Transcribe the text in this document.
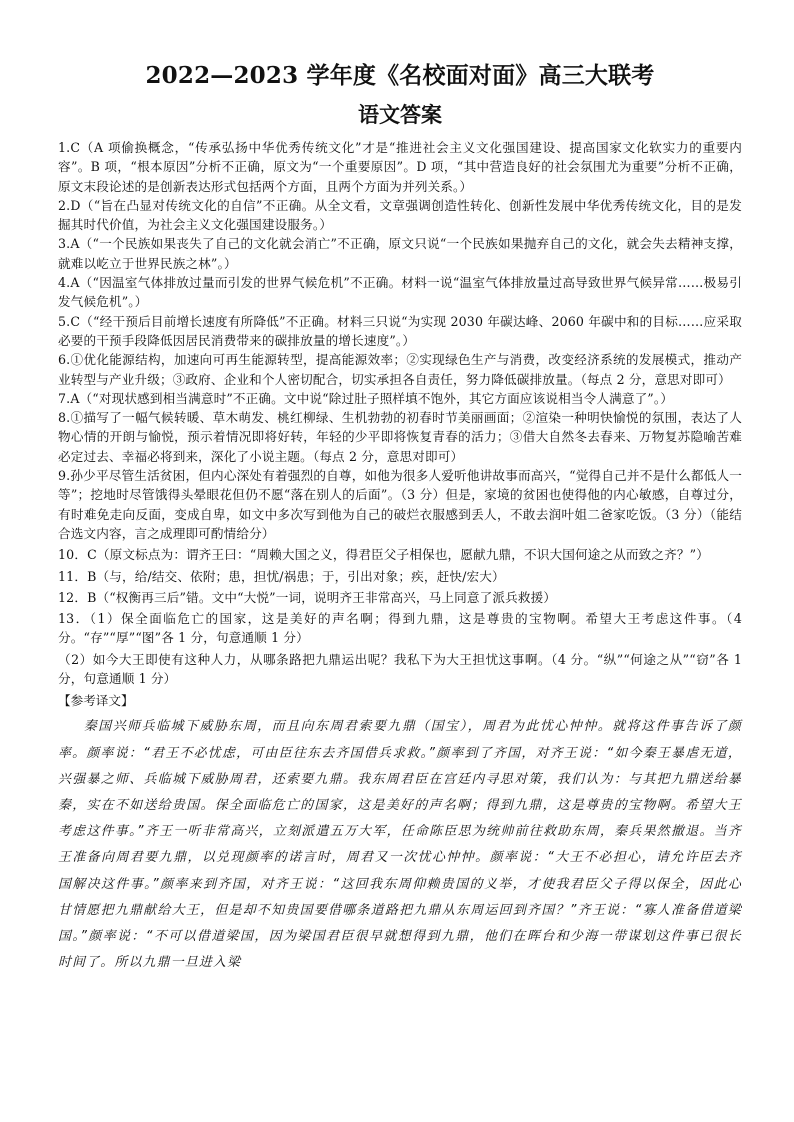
2022—2023 学年度《名校面对面》高三大联考
语文答案

1.C（A 项偷换概念，“传承弘扬中华优秀传统文化”才是“推进社会主义文化强国建设、提高国家文化软实力的重要内容”。B 项，“根本原因”分析不正确，原文为“一个重要原因”。D 项，“其中营造良好的社会氛围尤为重要”分析不正确，原文末段论述的是创新表达形式包括两个方面，且两个方面为并列关系。）

2.D（“旨在凸显对传统文化的自信”不正确。从全文看，文章强调创造性转化、创新性发展中华优秀传统文化，目的是发掘其时代价值，为社会主义文化强国建设服务。）

3.A（“一个民族如果丧失了自己的文化就会消亡”不正确，原文只说“一个民族如果抛弃自己的文化，就会失去精神支撑，就难以屹立于世界民族之林”。）

4.A（“因温室气体排放过量而引发的世界气候危机”不正确。材料一说“温室气体排放量过高导致世界气候异常……极易引发气候危机”。）

5.C（“经干预后目前增长速度有所降低”不正确。材料三只说“为实现 2030 年碳达峰、2060 年碳中和的目标……应采取必要的干预手段降低因居民消费带来的碳排放量的增长速度”。）

6.①优化能源结构，加速向可再生能源转型，提高能源效率；②实现绿色生产与消费，改变经济系统的发展模式，推动产业转型与产业升级；③政府、企业和个人密切配合，切实承担各自责任，努力降低碳排放量。（每点 2 分，意思对即可）

7.A（“对现状感到相当满意时”不正确。文中说“除过肚子照样填不饱外，其它方面应该说相当令人满意了”。）

8.①描写了一幅气候转暖、草木萌发、桃红柳绿、生机勃勃的初春时节美丽画面；②渲染一种明快愉悦的氛围，表达了人物心情的开朗与愉悦，预示着情况即将好转，年轻的少平即将恢复青春的活力；③借大自然冬去春来、万物复苏隐喻苦难必定过去、幸福必将到来，深化了小说主题。（每点 2 分，意思对即可）

9.孙少平尽管生活贫困，但内心深处有着强烈的自尊，如他为很多人爱听他讲故事而高兴，“觉得自己并不是什么都低人一等”；挖地时尽管饿得头晕眼花但仍不愿“落在别人的后面”。（3 分）但是，家境的贫困也使得他的内心敏感，自尊过分，有时难免走向反面，变成自卑，如文中多次写到他为自己的破烂衣服感到丢人，不敢去润叶姐二爸家吃饭。（3 分）（能结合选文内容，言之成理即可酌情给分）

10．C（原文标点为：谓齐王曰：“周赖大国之义，得君臣父子相保也，愿献九鼎，不识大国何途之从而致之齐？”）

11．B（与，给/结交、依附；患，担忧/祸患；于，引出对象；疾，赶快/宏大）

12．B（“权衡再三后”错。文中“大悦”一词，说明齐王非常高兴，马上同意了派兵救援）

13．（1）保全面临危亡的国家，这是美好的声名啊；得到九鼎，这是尊贵的宝物啊。希望大王考虑这件事。（4 分。“存”“厚”“图”各 1 分，句意通顺 1 分）

（2）如今大王即使有这种人力，从哪条路把九鼎运出呢？我私下为大王担忧这事啊。（4 分。“纵”“何途之从”“窃”各 1 分，句意通顺 1 分）

【参考译文】

秦国兴师兵临城下威胁东周，而且向东周君索要九鼎（国宝），周君为此忧心忡忡。就将这件事告诉了颜率。颜率说：“君王不必忧虑，可由臣往东去齐国借兵求救。”颜率到了齐国，对齐王说：“如今秦王暴虐无道，兴强暴之师、兵临城下威胁周君，还索要九鼎。我东周君臣在宫廷内寻思对策，我们认为：与其把九鼎送给暴秦，实在不如送给贵国。保全面临危亡的国家，这是美好的声名啊；得到九鼎，这是尊贵的宝物啊。希望大王考虑这件事。”齐王一听非常高兴，立刻派遣五万大军，任命陈臣思为统帅前往救助东周，秦兵果然撤退。当齐王准备向周君要九鼎，以兑现颜率的诺言时，周君又一次忧心忡忡。颜率说：“大王不必担心，请允许臣去齐国解决这件事。”颜率来到齐国，对齐王说：“这回我东周仰赖贵国的义举，才使我君臣父子得以保全，因此心甘情愿把九鼎献给大王，但是却不知贵国要借哪条道路把九鼎从东周运回到齐国？”齐王说：“寡人准备借道梁国。”颜率说：“不可以借道梁国，因为梁国君臣很早就想得到九鼎，他们在晖台和少海一带谋划这件事已很长时间了。所以九鼎一旦进入梁
